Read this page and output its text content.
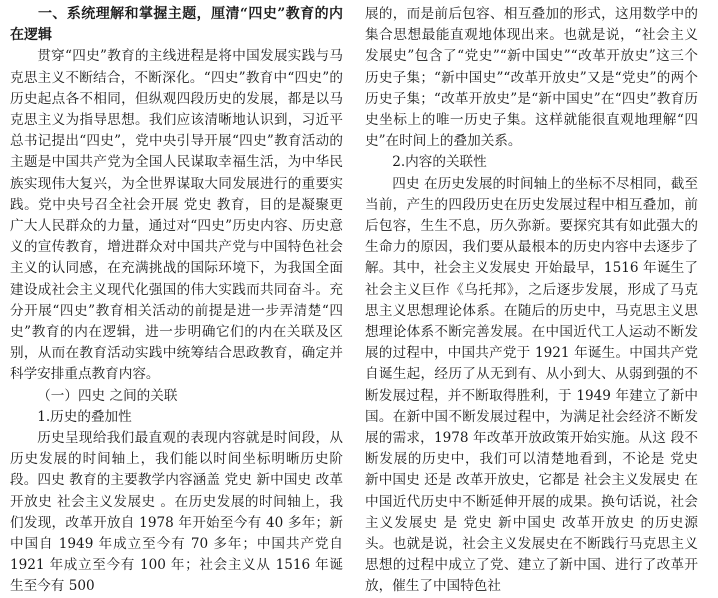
一、系统理解和掌握主题，厘清“四史”教育的内在逻辑

贯穿“四史”教育的主线进程是将中国发展实践与马克思主义不断结合，不断深化。“四史”教育中“四史”的历史起点各不相同，但纵观四段历史的发展，都是以马克思主义为指导思想。我们应该清晰地认识到，习近平总书记提出“四史”，党中央引导开展“四史”教育活动的主题是中国共产党为全国人民谋取幸福生活，为中华民族实现伟大复兴，为全世界谋取大同发展进行的重要实践。党中央号召全社会开展 党史 教育，目的是凝聚更广大人民群众的力量，通过对“四史”历史内容、历史意义的宣传教育，增进群众对中国共产党与中国特色社会主义的认同感，在充满挑战的国际环境下，为我国全面建设成社会主义现代化强国的伟大实践而共同奋斗。充分开展“四史”教育相关活动的前提是进一步弄清楚“四史”教育的内在逻辑，进一步明确它们的内在关联及区别，从而在教育活动实践中统筹结合思政教育，确定并科学安排重点教育内容。

（一）四史 之间的关联

1.历史的叠加性

历史呈现给我们最直观的表现内容就是时间段，从历史发展的时间轴上，我们能以时间坐标明晰历史阶段。四史 教育的主要教学内容涵盖 党史 新中国史 改革开放史 社会主义发展史 。在历史发展的时间轴上，我们发现，改革开放自 1978 年开始至今有 40 多年；新中国自 1949 年成立至今有 70 多年；中国共产党自 1921 年成立至今有 100 年；社会主义从 1516 年诞生至今有 500

展的，而是前后包容、相互叠加的形式，这用数学中的集合思想最能直观地体现出来。也就是说，“社会主义发展史”包含了“党史”“新中国史”“改革开放史”这三个历史子集；“新中国史”“改革开放史”又是“党史”的两个历史子集；“改革开放史”是“新中国史”在“四史”教育历史坐标上的唯一历史子集。这样就能很直观地理解“四史”在时间上的叠加关系。

2.内容的关联性

四史 在历史发展的时间轴上的坐标不尽相同，截至当前，产生的四段历史在历史发展过程中相互叠加，前后包容，生生不息，历久弥新。要探究其有如此强大的生命力的原因，我们要从最根本的历史内容中去逐步了解。其中，社会主义发展史 开始最早，1516 年诞生了社会主义巨作《乌托邦》，之后逐步发展，形成了马克思主义思想理论体系。在随后的历史中，马克思主义思想理论体系不断完善发展。在中国近代工人运动不断发展的过程中，中国共产党于 1921 年诞生。中国共产党自诞生起，经历了从无到有、从小到大、从弱到强的不断发展过程，并不断取得胜利，于 1949 年建立了新中国。在新中国不断发展过程中，为满足社会经济不断发展的需求，1978 年改革开放政策开始实施。从这 段不断发展的历史中，我们可以清楚地看到，不论是 党史 新中国史 还是 改革开放史，它都是 社会主义发展史 在中国近代历史中不断延伸开展的成果。换句话说，社会主义发展史 是 党史 新中国史 改革开放史 的历史源头。也就是说，社会主义发展史在不断践行马克思主义思想的过程中成立了党、建立了新中国、进行了改革开放，催生了中国特色社
